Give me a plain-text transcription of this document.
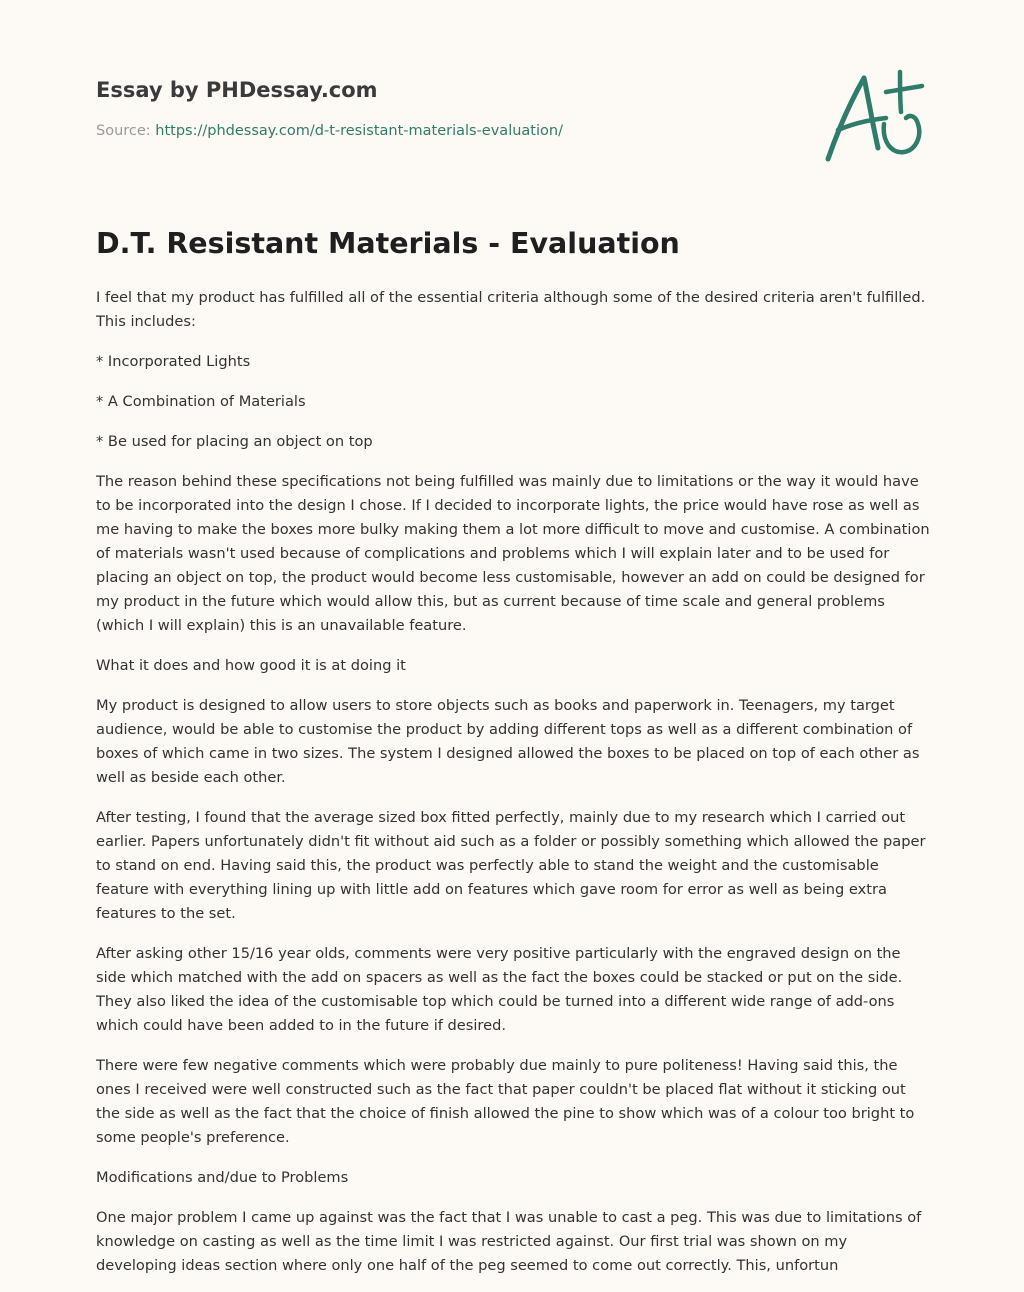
Essay by PHDessay.com
Source: https://phdessay.com/d-t-resistant-materials-evaluation/
D.T. Resistant Materials - Evaluation

I feel that my product has fulfilled all of the essential criteria although some of the desired criteria aren't fulfilled. This includes:

* Incorporated Lights

* A Combination of Materials

* Be used for placing an object on top

The reason behind these specifications not being fulfilled was mainly due to limitations or the way it would have to be incorporated into the design I chose. If I decided to incorporate lights, the price would have rose as well as me having to make the boxes more bulky making them a lot more difficult to move and customise. A combination of materials wasn't used because of complications and problems which I will explain later and to be used for placing an object on top, the product would become less customisable, however an add on could be designed for my product in the future which would allow this, but as current because of time scale and general problems (which I will explain) this is an unavailable feature.

What it does and how good it is at doing it

My product is designed to allow users to store objects such as books and paperwork in. Teenagers, my target audience, would be able to customise the product by adding different tops as well as a different combination of boxes of which came in two sizes. The system I designed allowed the boxes to be placed on top of each other as well as beside each other.

After testing, I found that the average sized box fitted perfectly, mainly due to my research which I carried out earlier. Papers unfortunately didn't fit without aid such as a folder or possibly something which allowed the paper to stand on end. Having said this, the product was perfectly able to stand the weight and the customisable feature with everything lining up with little add on features which gave room for error as well as being extra features to the set.

After asking other 15/16 year olds, comments were very positive particularly with the engraved design on the side which matched with the add on spacers as well as the fact the boxes could be stacked or put on the side. They also liked the idea of the customisable top which could be turned into a different wide range of add-ons which could have been added to in the future if desired.

There were few negative comments which were probably due mainly to pure politeness! Having said this, the ones I received were well constructed such as the fact that paper couldn't be placed flat without it sticking out the side as well as the fact that the choice of finish allowed the pine to show which was of a colour too bright to some people's preference.

Modifications and/due to Problems

One major problem I came up against was the fact that I was unable to cast a peg. This was due to limitations of knowledge on casting as well as the time limit I was restricted against. Our first trial was shown on my developing ideas section where only one half of the peg seemed to come out correctly. This, unfortun
